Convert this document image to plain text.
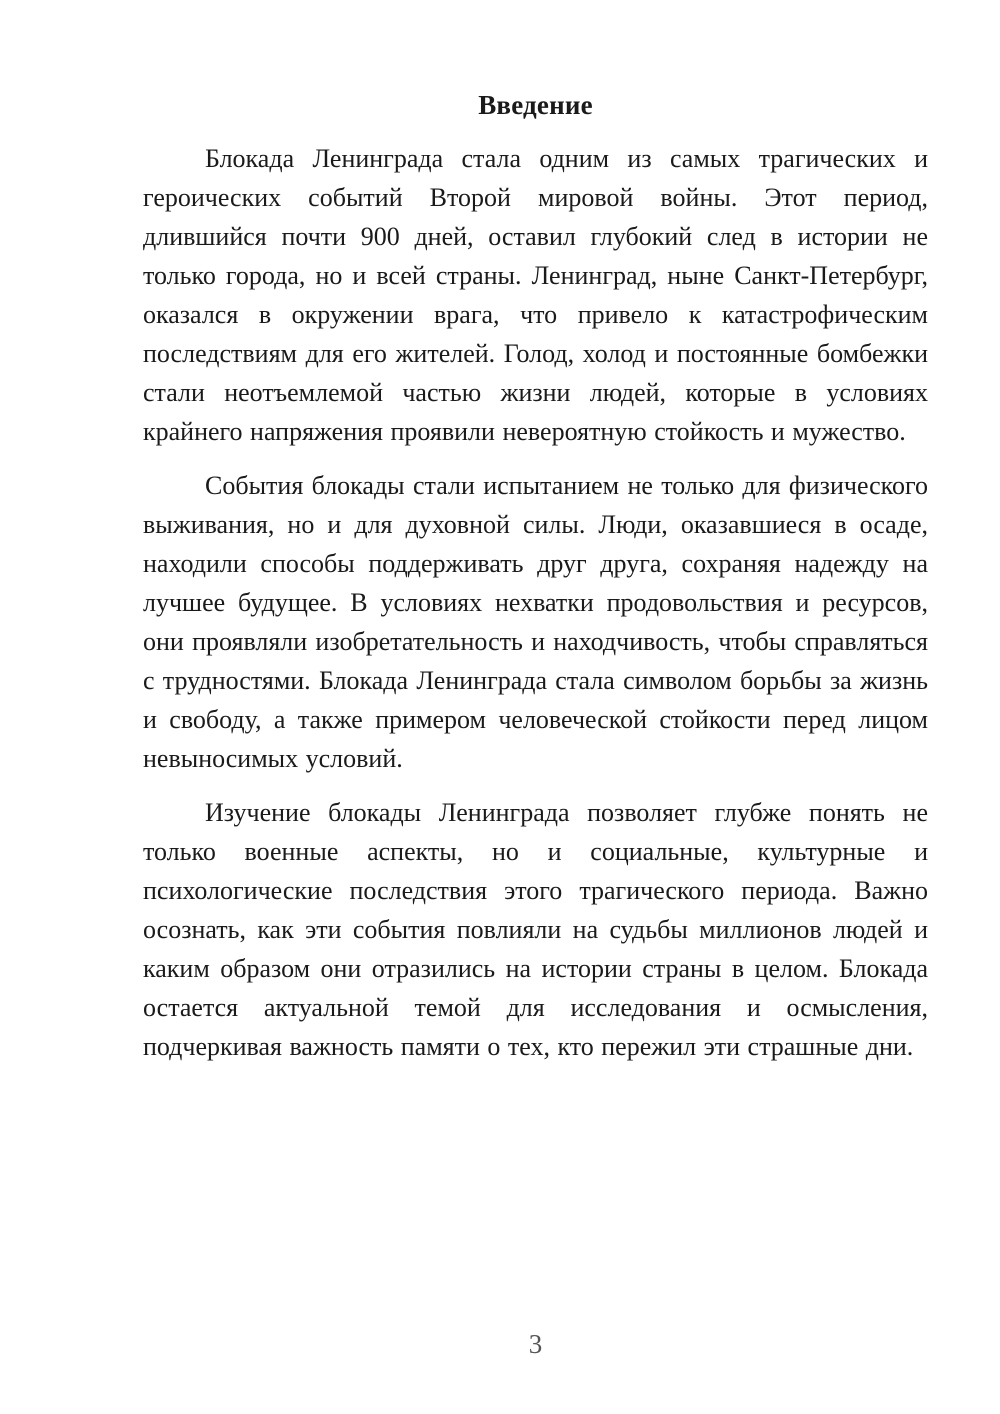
Введение

Блокада Ленинграда стала одним из самых трагических и героических событий Второй мировой войны. Этот период, длившийся почти 900 дней, оставил глубокий след в истории не только города, но и всей страны. Ленинград, ныне Санкт-Петербург, оказался в окружении врага, что привело к катастрофическим последствиям для его жителей. Голод, холод и постоянные бомбежки стали неотъемлемой частью жизни людей, которые в условиях крайнего напряжения проявили невероятную стойкость и мужество.

События блокады стали испытанием не только для физического выживания, но и для духовной силы. Люди, оказавшиеся в осаде, находили способы поддерживать друг друга, сохраняя надежду на лучшее будущее. В условиях нехватки продовольствия и ресурсов, они проявляли изобретательность и находчивость, чтобы справляться с трудностями. Блокада Ленинграда стала символом борьбы за жизнь и свободу, а также примером человеческой стойкости перед лицом невыносимых условий.

Изучение блокады Ленинграда позволяет глубже понять не только военные аспекты, но и социальные, культурные и психологические последствия этого трагического периода. Важно осознать, как эти события повлияли на судьбы миллионов людей и каким образом они отразились на истории страны в целом. Блокада остается актуальной темой для исследования и осмысления, подчеркивая важность памяти о тех, кто пережил эти страшные дни.

3
